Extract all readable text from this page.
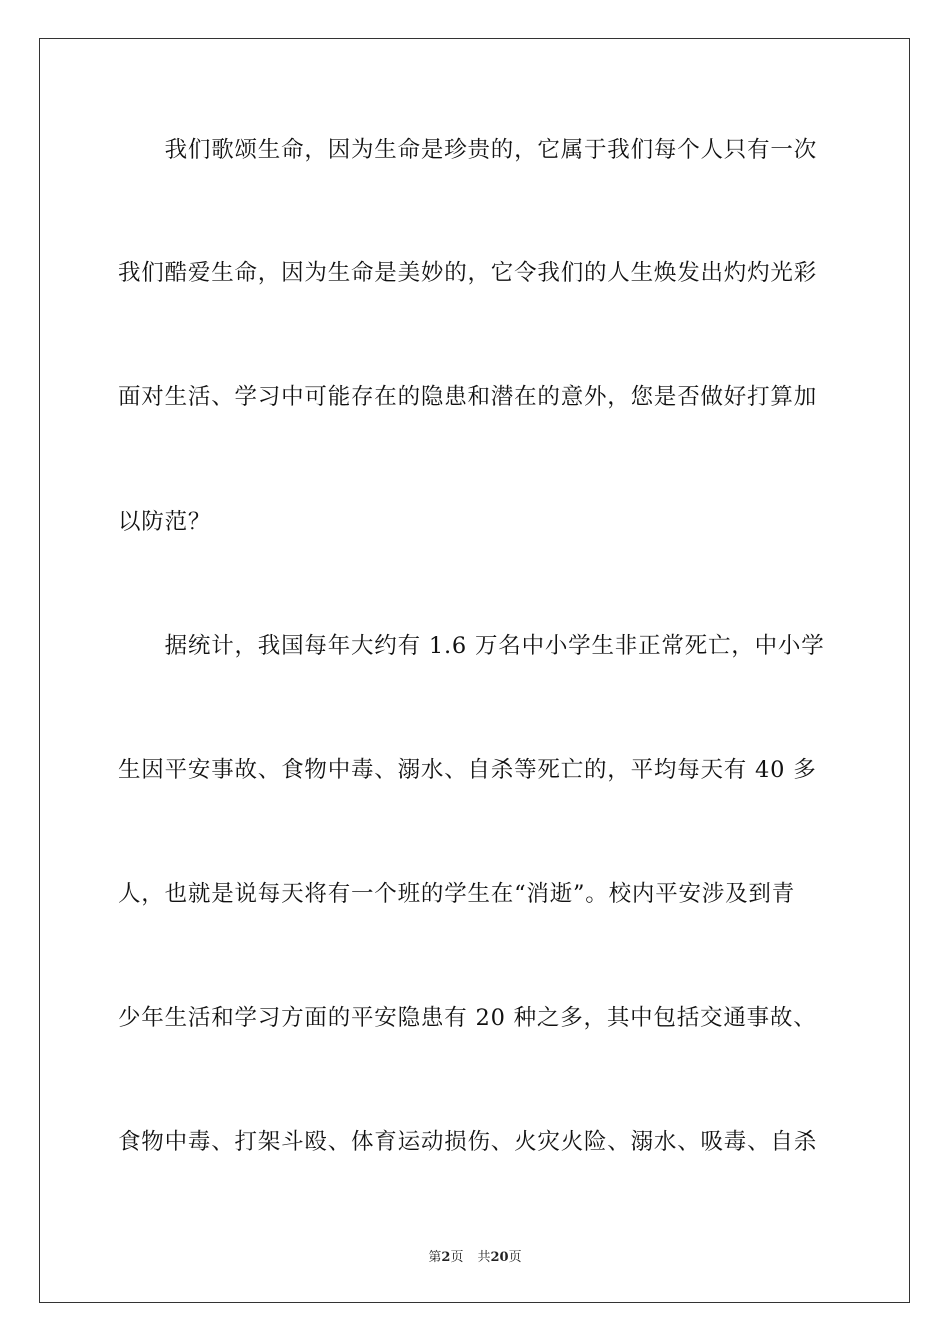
　　我们歌颂生命，因为生命是珍贵的，它属于我们每个人只有一次
我们酷爱生命，因为生命是美妙的，它令我们的人生焕发出灼灼光彩
面对生活、学习中可能存在的隐患和潜在的意外，您是否做好打算加
以防范？
　　据统计，我国每年大约有 1.6 万名中小学生非正常死亡，中小学
生因平安事故、食物中毒、溺水、自杀等死亡的，平均每天有 40 多
人，也就是说每天将有一个班的学生在“消逝”。校内平安涉及到青
少年生活和学习方面的平安隐患有 20 种之多，其中包括交通事故、
食物中毒、打架斗殴、体育运动损伤、火灾火险、溺水、吸毒、自杀
第2页 共20页
